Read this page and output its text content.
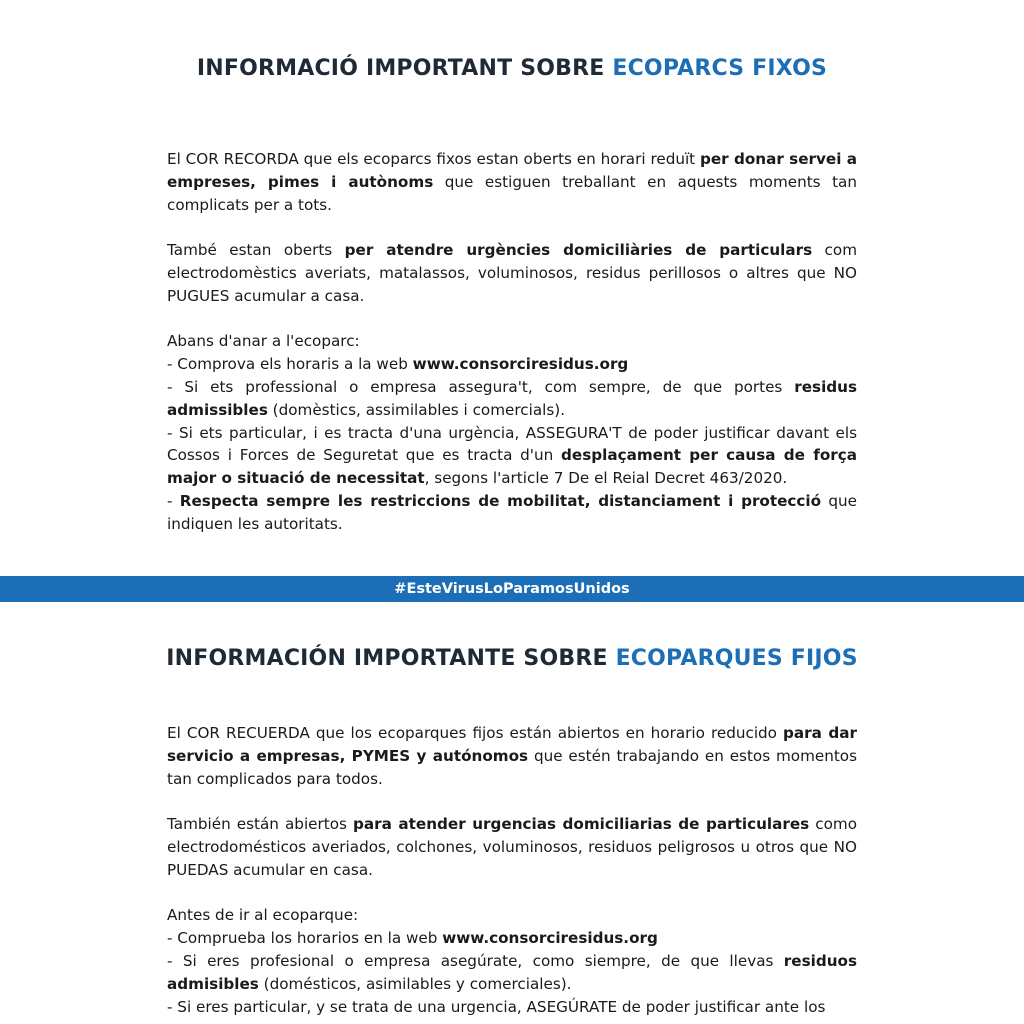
INFORMACIÓ IMPORTANT SOBRE ECOPARCS FIXOS

El COR RECORDA que els ecoparcs fixos estan oberts en horari reduït per donar servei a empreses, pimes i autònoms que estiguen treballant en aquests moments tan complicats per a tots.

També estan oberts per atendre urgències domiciliàries de particulars com electrodomèstics averiats, matalassos, voluminosos, residus perillosos o altres que NO PUGUES acumular a casa.

Abans d'anar a l'ecoparc:

- Comprova els horaris a la web www.consorciresidus.org

- Si ets professional o empresa assegura't, com sempre, de que portes residus admissibles (domèstics, assimilables i comercials).

- Si ets particular, i es tracta d'una urgència, ASSEGURA'T de poder justificar davant els Cossos i Forces de Seguretat que es tracta d'un desplaçament per causa de força major o situació de necessitat, segons l'article 7 De el Reial Decret 463/2020.

- Respecta sempre les restriccions de mobilitat, distanciament i protecció que indiquen les autoritats.

#EsteVirusLoParamosUnidos
INFORMACIÓN IMPORTANTE SOBRE ECOPARQUES FIJOS

El COR RECUERDA que los ecoparques fijos están abiertos en horario reducido para dar servicio a empresas, PYMES y autónomos que estén trabajando en estos momentos tan complicados para todos.

También están abiertos para atender urgencias domiciliarias de particulares como electrodomésticos averiados, colchones, voluminosos, residuos peligrosos u otros que NO PUEDAS acumular en casa.

Antes de ir al ecoparque:

- Comprueba los horarios en la web www.consorciresidus.org

- Si eres profesional o empresa asegúrate, como siempre, de que llevas residuos admisibles (domésticos, asimilables y comerciales).

- Si eres particular, y se trata de una urgencia, ASEGÚRATE de poder justificar ante los
